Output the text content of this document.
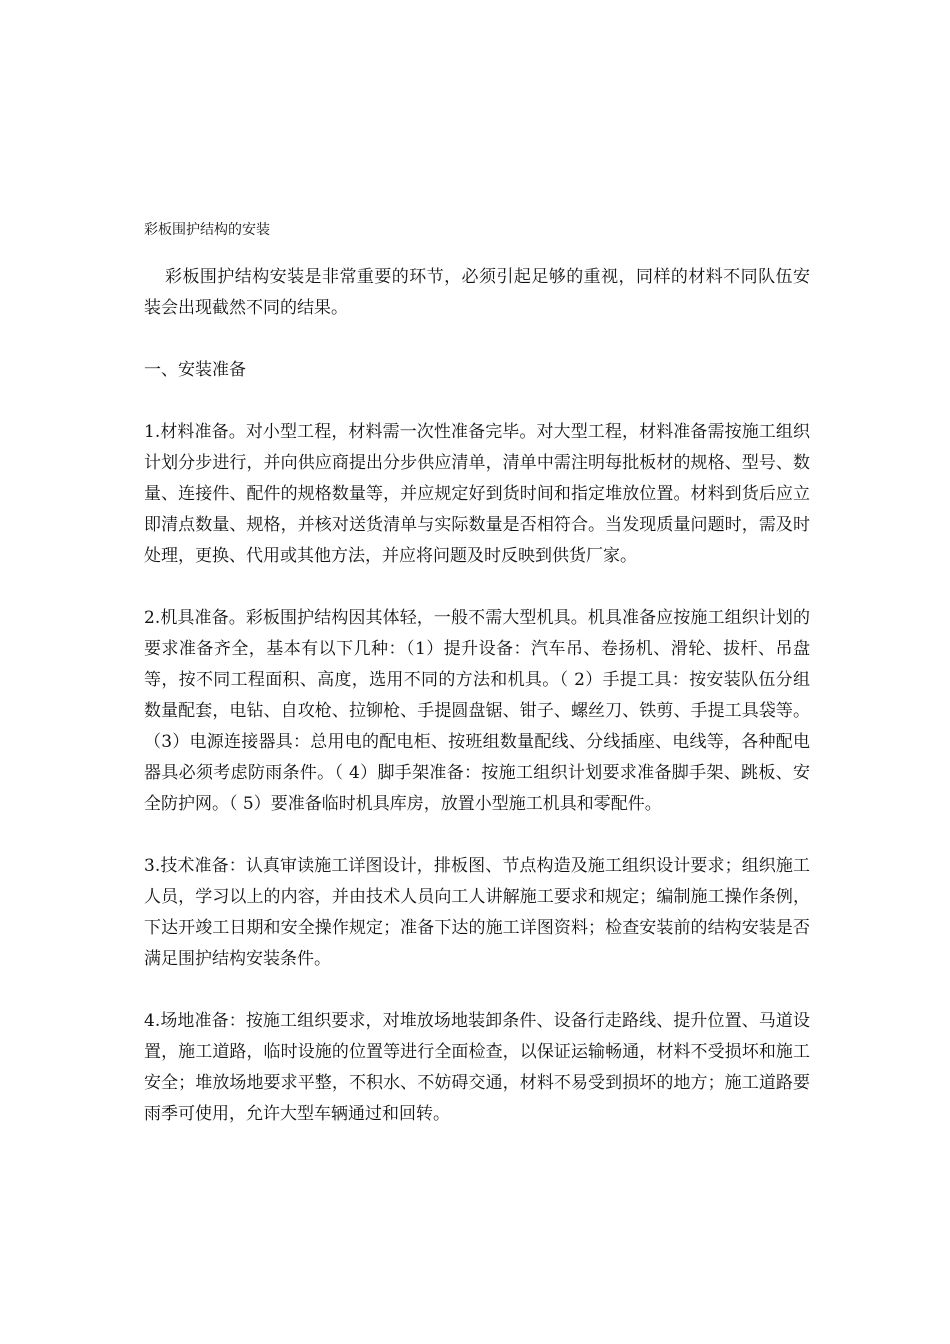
彩板围护结构的安装

彩板围护结构安装是非常重要的环节，必须引起足够的重视，同样的材料不同队伍安装会出现截然不同的结果。

一、安装准备

1.材料准备。对小型工程，材料需一次性准备完毕。对大型工程，材料准备需按施工组织计划分步进行，并向供应商提出分步供应清单，清单中需注明每批板材的规格、型号、数量、连接件、配件的规格数量等，并应规定好到货时间和指定堆放位置。材料到货后应立即清点数量、规格，并核对送货清单与实际数量是否相符合。当发现质量问题时，需及时处理，更换、代用或其他方法，并应将问题及时反映到供货厂家。

2.机具准备。彩板围护结构因其体轻，一般不需大型机具。机具准备应按施工组织计划的要求准备齐全，基本有以下几种：（1）提升设备：汽车吊、卷扬机、滑轮、拔杆、吊盘等，按不同工程面积、高度，选用不同的方法和机具。（ 2）手提工具：按安装队伍分组数量配套，电钻、自攻枪、拉铆枪、手提圆盘锯、钳子、螺丝刀、铁剪、手提工具袋等。（3）电源连接器具：总用电的配电柜、按班组数量配线、分线插座、电线等，各种配电器具必须考虑防雨条件。（ 4）脚手架准备：按施工组织计划要求准备脚手架、跳板、安全防护网。（ 5）要准备临时机具库房，放置小型施工机具和零配件。

3.技术准备：认真审读施工详图设计，排板图、节点构造及施工组织设计要求；组织施工人员，学习以上的内容，并由技术人员向工人讲解施工要求和规定；编制施工操作条例，下达开竣工日期和安全操作规定；准备下达的施工详图资料；检查安装前的结构安装是否满足围护结构安装条件。

4.场地准备：按施工组织要求，对堆放场地装卸条件、设备行走路线、提升位置、马道设置，施工道路，临时设施的位置等进行全面检查，以保证运输畅通，材料不受损坏和施工安全；堆放场地要求平整，不积水、不妨碍交通，材料不易受到损坏的地方；施工道路要雨季可使用，允许大型车辆通过和回转。
